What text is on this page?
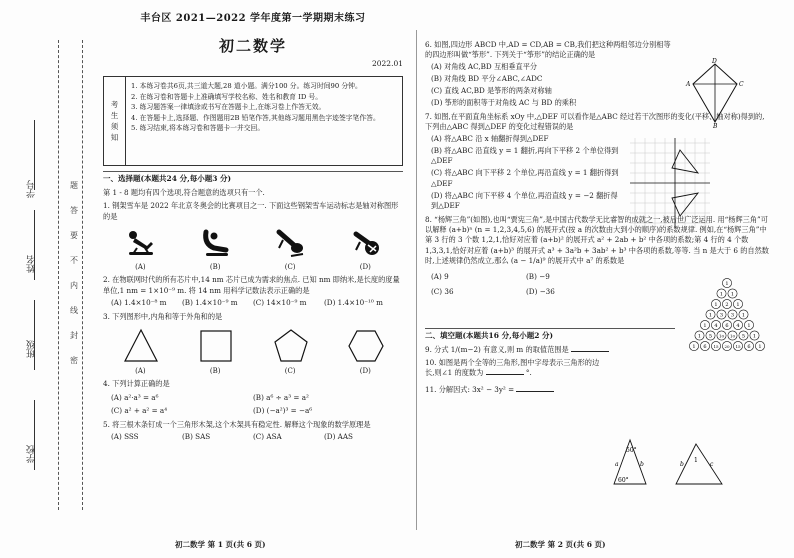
学校
班级
姓名
学号
密
封
线
内
不
要
答
题
丰台区 2021—2022 学年度第一学期期末练习
初二数学
2022.01
考
生
须
知
1. 本练习卷共6页,共三道大题,28 道小题。满分100 分。练习时间90 分钟。
2. 在练习卷和答题卡上准确填写学校名称、姓名和教育 ID 号。
3. 练习题答案一律填涂或书写在答题卡上,在练习卷上作答无效。
4. 在答题卡上,选择题、作图题用2B 铅笔作答,其他练习题用黑色字迹签字笔作答。
5. 练习结束,将本练习卷和答题卡一并交回。
一、选择题(本题共24 分,每小题3 分)
第 1 - 8 题均有四个选项,符合题意的选项只有一个.
1. 钢架雪车是 2022 年北京冬奥会的比赛项目之一. 下面这些钢架雪车运动标志是轴对称图形的是
(A)	(B)	(C)	(D)
2. 在物联网时代的所有芯片中,14 nm 芯片已成为需求的焦点. 已知 nm 即纳米,是长度的度量单位,1 nm = 1×10⁻⁹ m. 将 14 nm 用科学记数法表示正确的是
(A) 1.4×10⁻⁸ m	(B) 1.4×10⁻⁹ m	(C) 14×10⁻⁹ m	(D) 1.4×10⁻¹⁰ m
3. 下列图形中,内角和等于外角和的是
(A)	(B)	(C)	(D)
4. 下列计算正确的是
(A) a²·a³ = a⁶	(B) a⁶ ÷ a³ = a²
(C) a² + a² = a⁴	(D) (−a²)³ = −a⁶
5. 将三根木条钉成一个三角形木架,这个木架具有稳定性. 解释这个现象的数学原理是
(A) SSS	(B) SAS	(C) ASA	(D) AAS
初二数学 第 1 页(共 6 页)
6. 如图,四边形 ABCD 中,AD = CD,AB = CB,我们把这种两组邻边分别相等的四边形叫做“筝形”. 下列关于“筝形”的结论正确的是
(A) 对角线 AC,BD 互相垂直平分
(B) 对角线 BD 平分∠ABC,∠ADC
(C) 直线 AC,BD 是筝形的两条对称轴
(D) 筝形的面积等于对角线 AC 与 BD 的乘积
D
A	C
B
7. 如图,在平面直角坐标系 xOy 中,△DEF 可以看作是△ABC 经过若干次图形的变化(平移、轴对称)得到的,下列由△ABC 得到△DEF 的变化过程错误的是
(A) 将△ABC 沿 x 轴翻折得到△DEF
(B) 将△ABC 沿直线 y = 1 翻折,再向下平移 2 个单位得到△DEF
(C) 将△ABC 向下平移 2 个单位,再沿直线 y = 1 翻折得到△DEF
(D) 将△ABC 向下平移 4 个单位,再沿直线 y = −2 翻折得到△DEF
8. “杨辉三角”(如图),也叫“贾宪三角”,是中国古代数学无比睿智的成就之一,被后世广泛运用. 用“杨辉三角”可以解释 (a+b)ⁿ (n = 1,2,3,4,5,6) 的展开式(按 a 的次数由大到小的顺序)的系数规律. 例如,在“杨辉三角”中第 3 行的 3 个数 1,2,1,恰好对应着 (a+b)² 的展开式 a² + 2ab + b² 中各项的系数;第 4 行的 4 个数 1,3,3,1,恰好对应着 (a+b)³ 的展开式 a³ + 3a²b + 3ab² + b³ 中各项的系数,等等. 当 n 是大于 6 的自然数时,上述规律仍然成立,那么 (a − 1/a)⁹ 的展开式中 a⁷ 的系数是
(A) 9	(B) −9
(C) 36	(D) −36
1
1 1
1 2 1
1 3 3 1
1 4 6 4 1
1 5 10 10 5 1
1 6 15 20 15 6 1
二、填空题(本题共16 分,每小题2 分)
9. 分式 1/(m−2) 有意义,则 m 的取值范围是
10. 如图是两个全等的三角形,图中字母表示三角形的边长,则∠1 的度数为	°.
50°
a	b
60°
b
1
c
11. 分解因式: 3x² − 3y² =
初二数学 第 2 页(共 6 页)
